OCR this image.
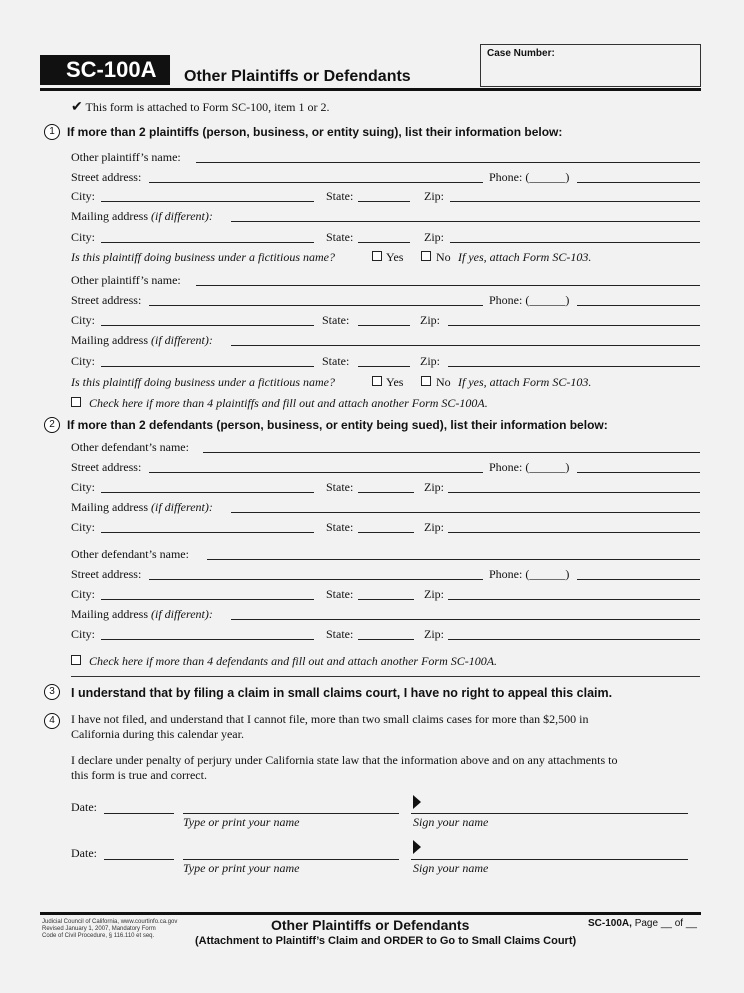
SC-100A	Other Plaintiffs or Defendants
Case Number:
✔ This form is attached to Form SC-100, item 1 or 2.
1	If more than 2 plaintiffs (person, business, or entity suing), list their information below:
Other plaintiff’s name:
Street address:	Phone: (______)
City:	State:	Zip:
Mailing address (if different):
City:	State:	Zip:
Is this plaintiff doing business under a fictitious name?	Yes	No If yes, attach Form SC-103.
Other plaintiff’s name:
Street address:	Phone: (______)
City:	State:	Zip:
Mailing address (if different):
City:	State:	Zip:
Is this plaintiff doing business under a fictitious name?	Yes	No If yes, attach Form SC-103.
Check here if more than 4 plaintiffs and fill out and attach another Form SC-100A.
2	If more than 2 defendants (person, business, or entity being sued), list their information below:
Other defendant’s name:
Street address:	Phone: (______)
City:	State:	Zip:
Mailing address (if different):
City:	State:	Zip:
Other defendant’s name:
Street address:	Phone: (______)
City:	State:	Zip:
Mailing address (if different):
City:	State:	Zip:
Check here if more than 4 defendants and fill out and attach another Form SC-100A.
3	I understand that by filing a claim in small claims court, I have no right to appeal this claim.
4	I have not filed, and understand that I cannot file, more than two small claims cases for more than $2,500 in
California during this calendar year.
I declare under penalty of perjury under California state law that the information above and on any attachments to
this form is true and correct.
Date:
Type or print your name	Sign your name
Date:
Type or print your name	Sign your name
Judicial Council of California, www.courtinfo.ca.gov
Revised January 1, 2007, Mandatory Form
Code of Civil Procedure, § 116.110 et seq.
Other Plaintiffs or Defendants
(Attachment to Plaintiff’s Claim and ORDER to Go to Small Claims Court)
SC-100A, Page __ of __
